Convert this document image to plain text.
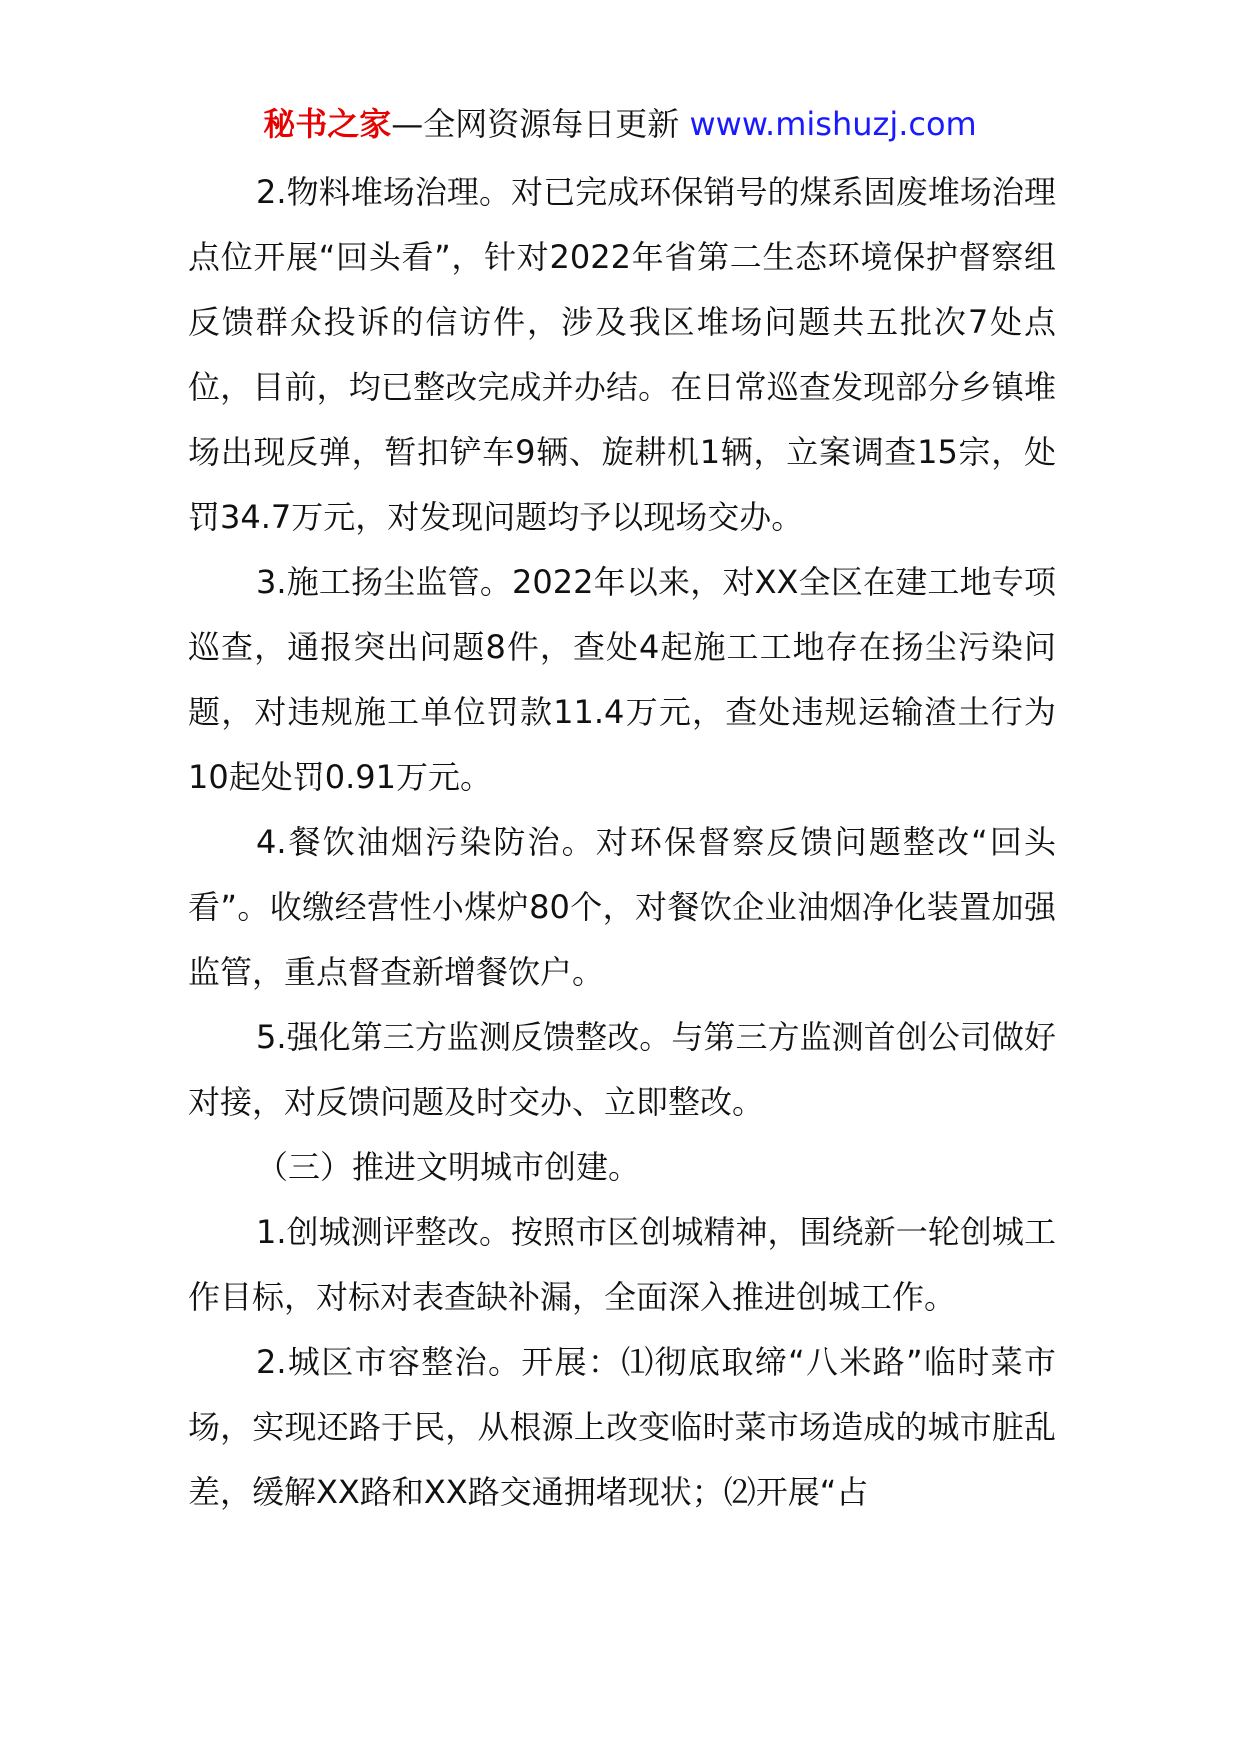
秘书之家—全网资源每日更新 www.mishuzj.com

2.物料堆场治理。对已完成环保销号的煤系固废堆场治理点位开展“回头看”，针对2022年省第二生态环境保护督察组反馈群众投诉的信访件，涉及我区堆场问题共五批次7处点位，目前，均已整改完成并办结。在日常巡查发现部分乡镇堆场出现反弹，暂扣铲车9辆、旋耕机1辆，立案调查15宗，处罚34.7万元，对发现问题均予以现场交办。

3.施工扬尘监管。2022年以来，对XX全区在建工地专项巡查，通报突出问题8件，查处4起施工工地存在扬尘污染问题，对违规施工单位罚款11.4万元，查处违规运输渣土行为10起处罚0.91万元。

4.餐饮油烟污染防治。对环保督察反馈问题整改“回头看”。收缴经营性小煤炉80个，对餐饮企业油烟净化装置加强监管，重点督查新增餐饮户。

5.强化第三方监测反馈整改。与第三方监测首创公司做好对接，对反馈问题及时交办、立即整改。

（三）推进文明城市创建。

1.创城测评整改。按照市区创城精神，围绕新一轮创城工作目标，对标对表查缺补漏，全面深入推进创城工作。

2.城区市容整治。开展：⑴彻底取缔“八米路”临时菜市场，实现还路于民，从根源上改变临时菜市场造成的城市脏乱差，缓解XX路和XX路交通拥堵现状；⑵开展“占
